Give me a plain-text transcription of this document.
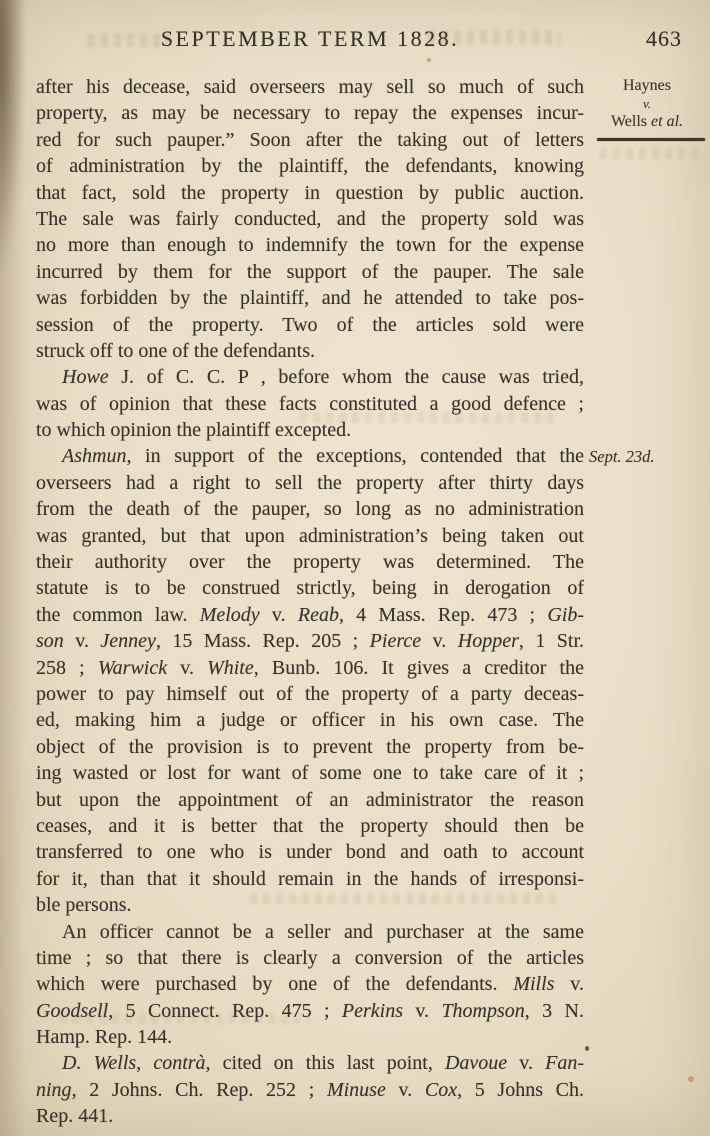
SEPTEMBER TERM 1828.	463
after his decease, said overseers may sell so much of such
property, as may be necessary to repay the expenses incur-
red for such pauper.” Soon after the taking out of letters
of administration by the plaintiff, the defendants, knowing
that fact, sold the property in question by public auction.
The sale was fairly conducted, and the property sold was
no more than enough to indemnify the town for the expense
incurred by them for the support of the pauper. The sale
was forbidden by the plaintiff, and he attended to take pos-
session of the property. Two of the articles sold were
struck off to one of the defendants.
Howe J. of C. C. P , before whom the cause was tried,
was of opinion that these facts constituted a good defence ;
to which opinion the plaintiff excepted.
Ashmun, in support of the exceptions, contended that the
overseers had a right to sell the property after thirty days
from the death of the pauper, so long as no administration
was granted, but that upon administration’s being taken out
their authority over the property was determined. The
statute is to be construed strictly, being in derogation of
the common law. Melody v. Reab, 4 Mass. Rep. 473 ; Gib-
son v. Jenney, 15 Mass. Rep. 205 ; Pierce v. Hopper, 1 Str.
258 ; Warwick v. White, Bunb. 106. It gives a creditor the
power to pay himself out of the property of a party deceas-
ed, making him a judge or officer in his own case. The
object of the provision is to prevent the property from be-
ing wasted or lost for want of some one to take care of it ;
but upon the appointment of an administrator the reason
ceases, and it is better that the property should then be
transferred to one who is under bond and oath to account
for it, than that it should remain in the hands of irresponsi-
ble persons.
An officer cannot be a seller and purchaser at the same
time ; so that there is clearly a conversion of the articles
which were purchased by one of the defendants. Mills v.
Goodsell, 5 Connect. Rep. 475 ; Perkins v. Thompson, 3 N.
Hamp. Rep. 144.
D. Wells, contrà, cited on this last point, Davoue v. Fan-
ning, 2 Johns. Ch. Rep. 252 ; Minuse v. Cox, 5 Johns Ch.
Rep. 441.
Haynes
v.
Wells et al.
Sept. 23d.
